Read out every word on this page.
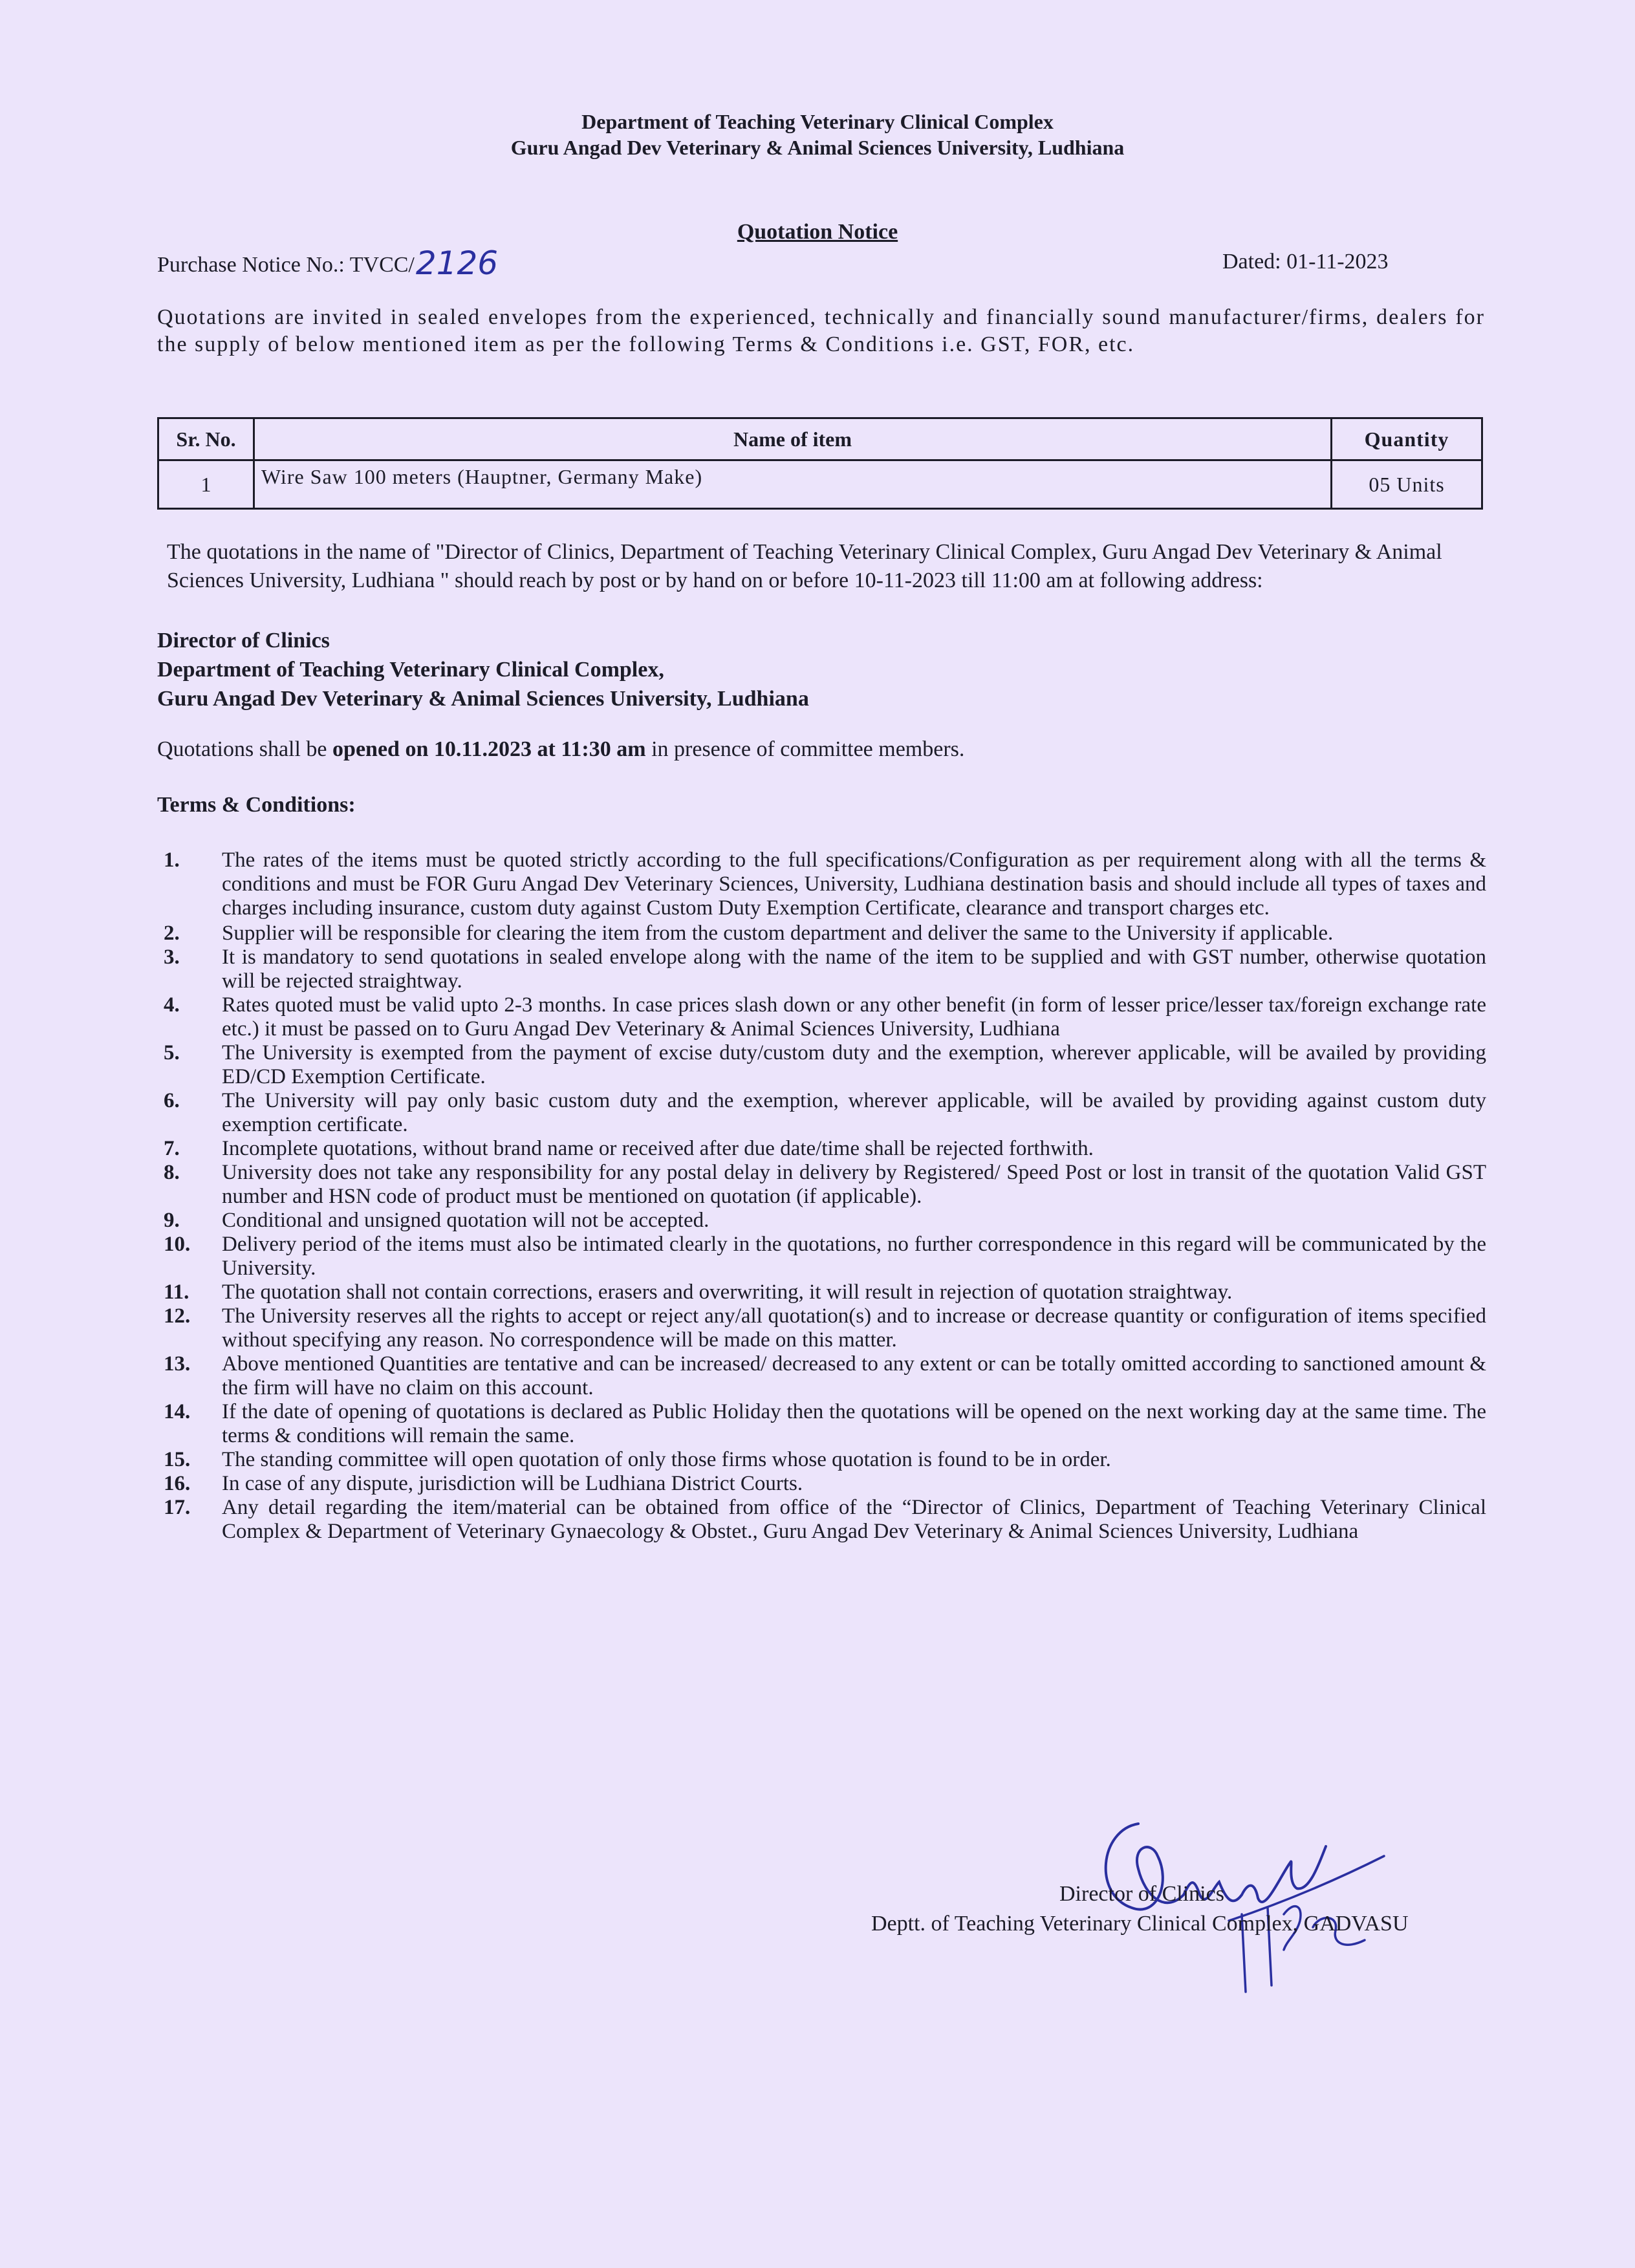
Department of Teaching Veterinary Clinical Complex
Guru Angad Dev Veterinary & Animal Sciences University, Ludhiana
Quotation Notice
Purchase Notice No.: TVCC/2126	Dated: 01-11-2023
Quotations are invited in sealed envelopes from the experienced, technically and financially sound manufacturer/firms, dealers for the supply of below mentioned item as per the following Terms & Conditions i.e. GST, FOR, etc.
Sr. No.	Name of item	Quantity
1	Wire Saw 100 meters (Hauptner, Germany Make)	05 Units
The quotations in the name of "Director of Clinics, Department of Teaching Veterinary Clinical Complex, Guru Angad Dev Veterinary & Animal Sciences University, Ludhiana " should reach by post or by hand on or before 10-11-2023 till 11:00 am at following address:
Director of Clinics
Department of Teaching Veterinary Clinical Complex,
Guru Angad Dev Veterinary & Animal Sciences University, Ludhiana
Quotations shall be opened on 10.11.2023 at 11:30 am in presence of committee members.
Terms & Conditions:
1.	The rates of the items must be quoted strictly according to the full specifications/Configuration as per requirement along with all the terms & conditions and must be FOR Guru Angad Dev Veterinary Sciences, University, Ludhiana destination basis and should include all types of taxes and charges including insurance, custom duty against Custom Duty Exemption Certificate, clearance and transport charges etc.
2.	Supplier will be responsible for clearing the item from the custom department and deliver the same to the University if applicable.
3.	It is mandatory to send quotations in sealed envelope along with the name of the item to be supplied and with GST number, otherwise quotation will be rejected straightway.
4.	Rates quoted must be valid upto 2-3 months. In case prices slash down or any other benefit (in form of lesser price/lesser tax/foreign exchange rate etc.) it must be passed on to Guru Angad Dev Veterinary & Animal Sciences University, Ludhiana
5.	The University is exempted from the payment of excise duty/custom duty and the exemption, wherever applicable, will be availed by providing ED/CD Exemption Certificate.
6.	The University will pay only basic custom duty and the exemption, wherever applicable, will be availed by providing against custom duty exemption certificate.
7.	Incomplete quotations, without brand name or received after due date/time shall be rejected forthwith.
8.	University does not take any responsibility for any postal delay in delivery by Registered/ Speed Post or lost in transit of the quotation Valid GST number and HSN code of product must be mentioned on quotation (if applicable).
9.	Conditional and unsigned quotation will not be accepted.
10.	Delivery period of the items must also be intimated clearly in the quotations, no further correspondence in this regard will be communicated by the University.
11.	The quotation shall not contain corrections, erasers and overwriting, it will result in rejection of quotation straightway.
12.	The University reserves all the rights to accept or reject any/all quotation(s) and to increase or decrease quantity or configuration of items specified without specifying any reason. No correspondence will be made on this matter.
13.	Above mentioned Quantities are tentative and can be increased/ decreased to any extent or can be totally omitted according to sanctioned amount & the firm will have no claim on this account.
14.	If the date of opening of quotations is declared as Public Holiday then the quotations will be opened on the next working day at the same time. The terms & conditions will remain the same.
15.	The standing committee will open quotation of only those firms whose quotation is found to be in order.
16.	In case of any dispute, jurisdiction will be Ludhiana District Courts.
17.	Any detail regarding the item/material can be obtained from office of the “Director of Clinics, Department of Teaching Veterinary Clinical Complex & Department of Veterinary Gynaecology & Obstet., Guru Angad Dev Veterinary & Animal Sciences University, Ludhiana
Director of Clinics
Deptt. of Teaching Veterinary Clinical Complex, GADVASU
